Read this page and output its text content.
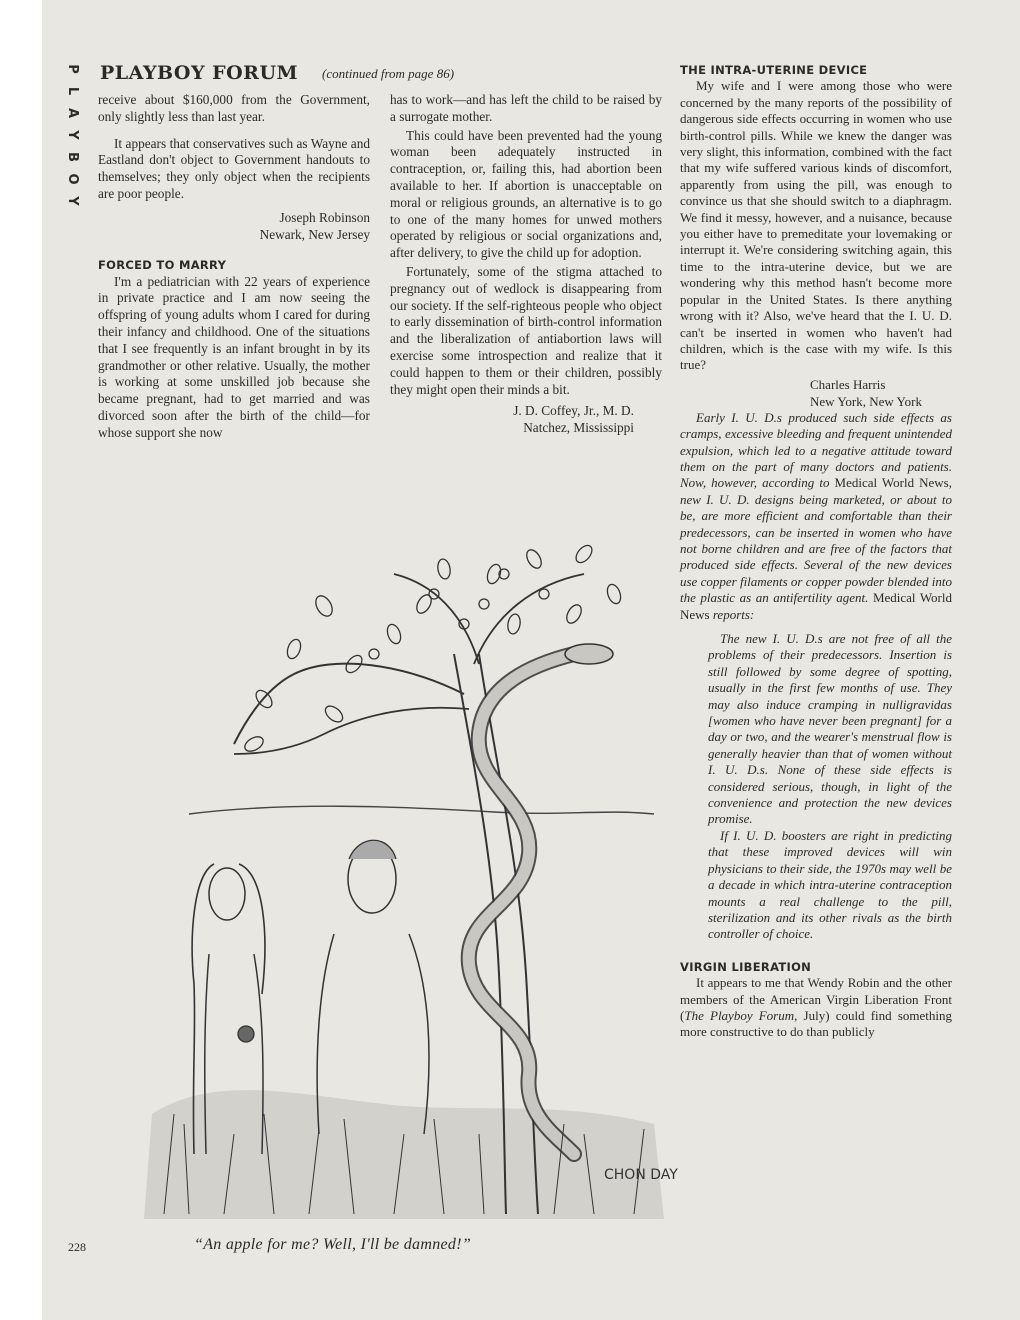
P
L
A
Y
B
O
Y
PLAYBOY FORUM (continued from page 86)

receive about $160,000 from the Government, only slightly less than last year.

It appears that conservatives such as Wayne and Eastland don't object to Government handouts to themselves; they only object when the recipients are poor people.

Joseph Robinson
Newark, New Jersey

FORCED TO MARRY

I'm a pediatrician with 22 years of experience in private practice and I am now seeing the offspring of young adults whom I cared for during their infancy and childhood. One of the situations that I see frequently is an infant brought in by its grandmother or other relative. Usually, the mother is working at some unskilled job because she became pregnant, had to get married and was divorced soon after the birth of the child—for whose support she now

has to work—and has left the child to be raised by a surrogate mother.

This could have been prevented had the young woman been adequately instructed in contraception, or, failing this, had abortion been available to her. If abortion is unacceptable on moral or religious grounds, an alternative is to go to one of the many homes for unwed mothers operated by religious or social organizations and, after delivery, to give the child up for adoption.

Fortunately, some of the stigma attached to pregnancy out of wedlock is disappearing from our society. If the self-righteous people who object to early dissemination of birth-control information and the liberalization of antiabortion laws will exercise some introspection and realize that it could happen to them or their children, possibly they might open their minds a bit.

J. D. Coffey, Jr., M. D.
Natchez, Mississippi

THE INTRA-UTERINE DEVICE

My wife and I were among those who were concerned by the many reports of the possibility of dangerous side effects occurring in women who use birth-control pills. While we knew the danger was very slight, this information, combined with the fact that my wife suffered various kinds of discomfort, apparently from using the pill, was enough to convince us that she should switch to a diaphragm. We find it messy, however, and a nuisance, because you either have to premeditate your lovemaking or interrupt it. We're considering switching again, this time to the intra-uterine device, but we are wondering why this method hasn't become more popular in the United States. Is there anything wrong with it? Also, we've heard that the I. U. D. can't be inserted in women who haven't had children, which is the case with my wife. Is this true?

Charles Harris
New York, New York

Early I. U. D.s produced such side effects as cramps, excessive bleeding and frequent unintended expulsion, which led to a negative attitude toward them on the part of many doctors and patients. Now, however, according to Medical World News, new I. U. D. designs being marketed, or about to be, are more efficient and comfortable than their predecessors, can be inserted in women who have not borne children and are free of the factors that produced side effects. Several of the new devices use copper filaments or copper powder blended into the plastic as an antifertility agent. Medical World News reports:

The new I. U. D.s are not free of all the problems of their predecessors. Insertion is still followed by some degree of spotting, usually in the first few months of use. They may also induce cramping in nulligravidas [women who have never been pregnant] for a day or two, and the wearer's menstrual flow is generally heavier than that of women without I. U. D.s. None of these side effects is considered serious, though, in light of the convenience and protection the new devices promise.

If I. U. D. boosters are right in predicting that these improved devices will win physicians to their side, the 1970s may well be a decade in which intra-uterine contraception mounts a real challenge to the pill, sterilization and its other rivals as the birth controller of choice.

VIRGIN LIBERATION

It appears to me that Wendy Robin and the other members of the American Virgin Liberation Front (The Playboy Forum, July) could find something more constructive to do than publicly

CHON DAY
“An apple for me? Well, I'll be damned!”
228
